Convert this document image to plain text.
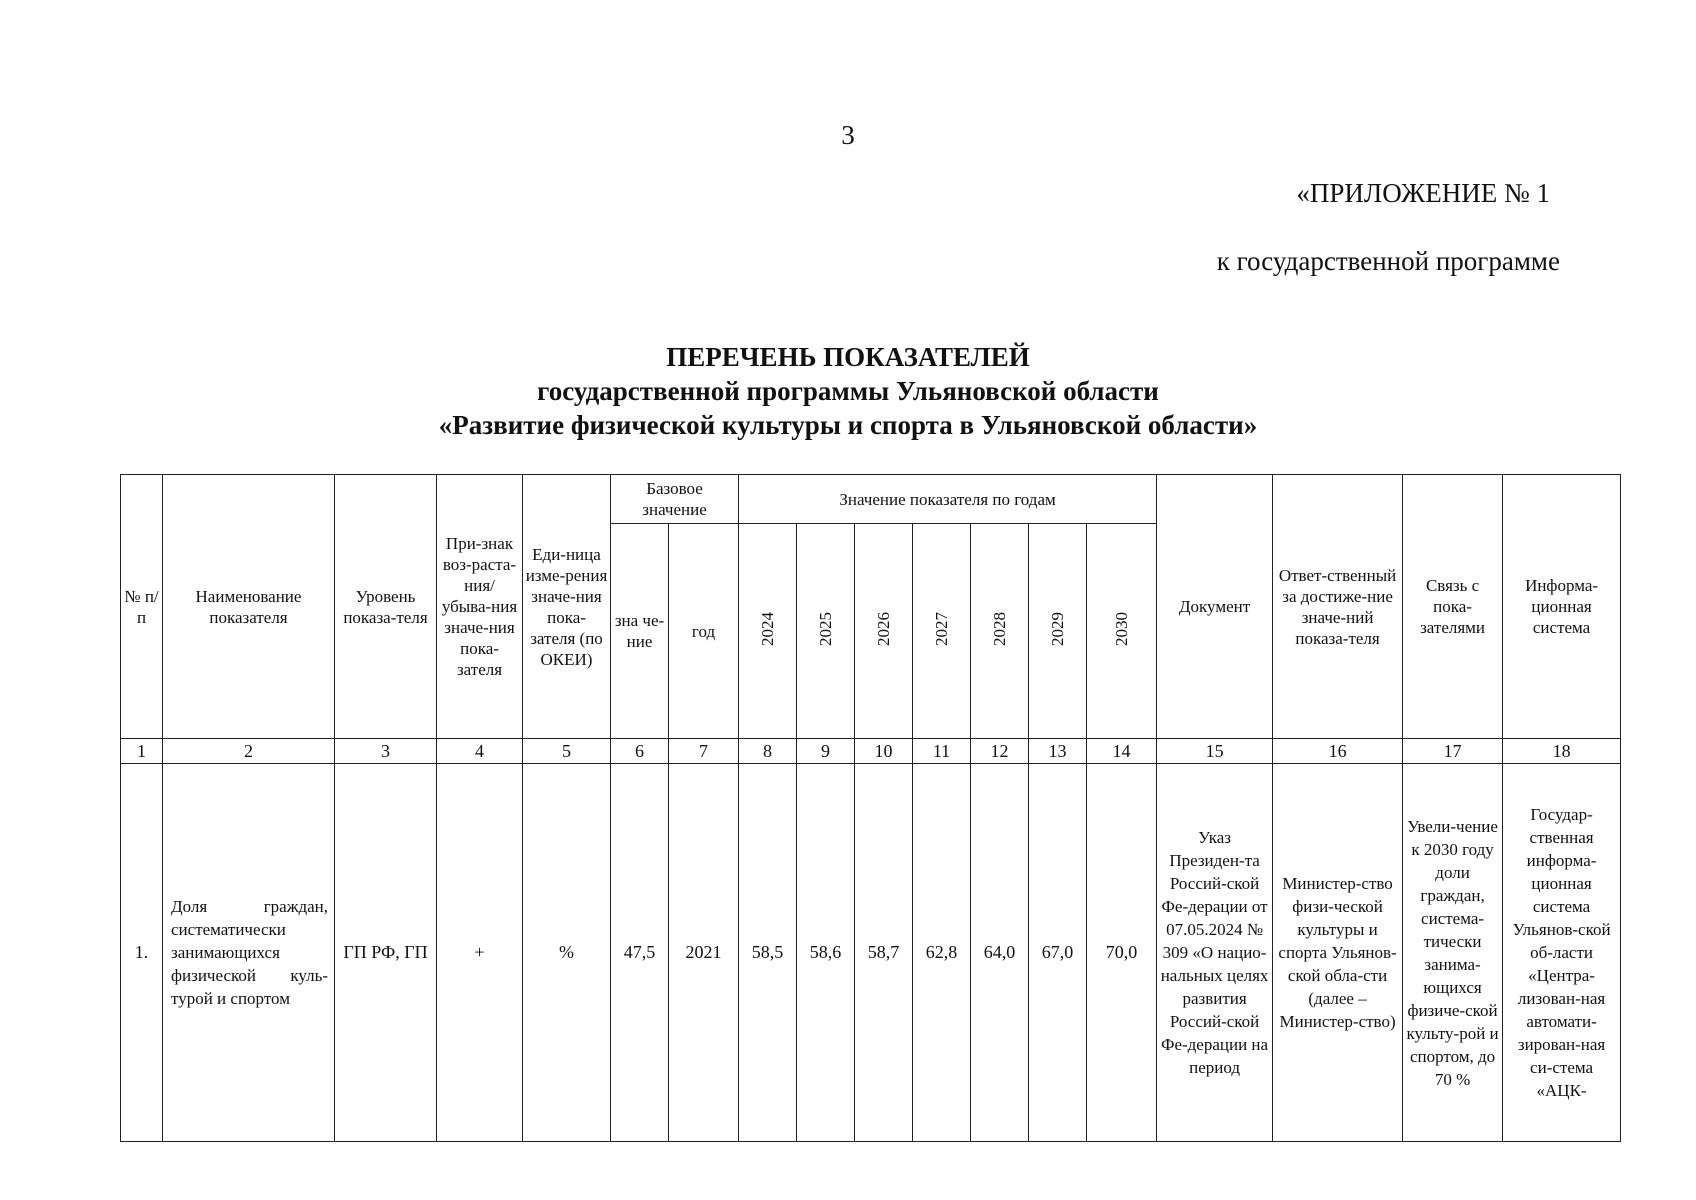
3
«ПРИЛОЖЕНИЕ № 1
к государственной программе
ПЕРЕЧЕНЬ ПОКАЗАТЕЛЕЙ
государственной программы Ульяновской области
«Развитие физической культуры и спорта в Ульяновской области»
№ п/п	Наименование показателя	Уровень показа-теля	При-знак воз-раста-ния/ убыва-ния значе-ния пока-зателя	Еди-ница изме-рения значе-ния пока-зателя (по ОКЕИ)	Базовое значение		Значение показателя по годам							Документ	Ответ-ственный за достиже-ние значе-ний показа-теля	Связь с пока-зателями	Информа-ционная система
					зна че-ние	год	2024	2025	2026	2027	2028	2029	2030				
1	2	3	4	5	6	7	8	9	10	11	12	13	14	15	16	17	18
1.	Доля граждан, систематически занимающихся физической куль-турой и спортом	ГП РФ, ГП	+	%	47,5	2021	58,5	58,6	58,7	62,8	64,0	67,0	70,0	Указ Президен-та Россий-ской Фе-дерации от 07.05.2024 № 309 «О нацио-нальных целях развития Россий-ской Фе-дерации на период	Министер-ство физи-ческой культуры и спорта Ульянов-ской обла-сти (далее – Министер-ство)	Увели-чение к 2030 году доли граждан, система-тически занима-ющихся физиче-ской культу-рой и спортом, до 70 %	Государ-ственная информа-ционная система Ульянов-ской об-ласти «Центра-лизован-ная автомати-зирован-ная си-стема «АЦК-
